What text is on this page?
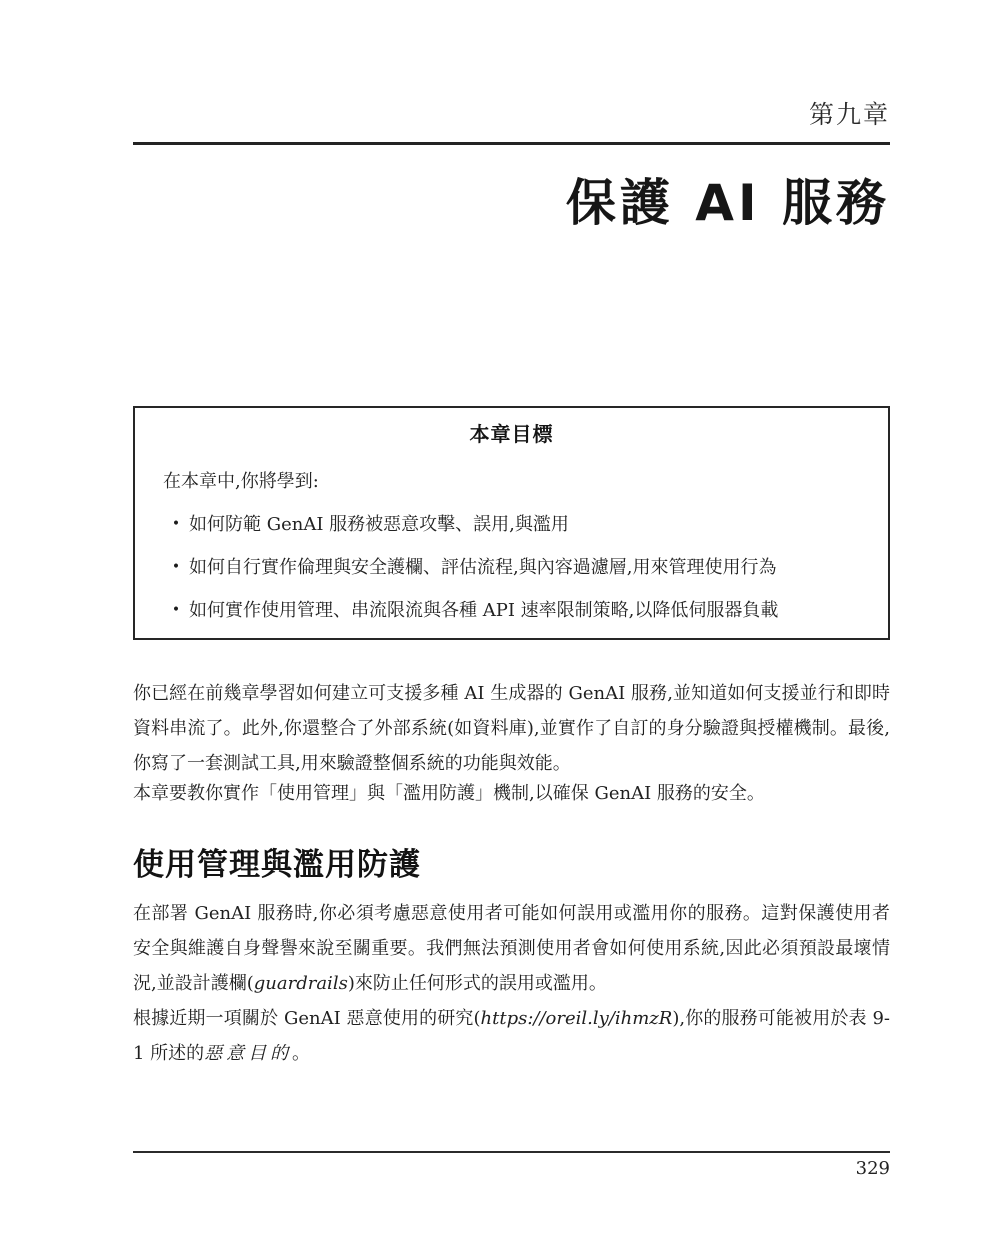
第九章
保護 AI 服務
本章目標

在本章中,你將學到:

• 如何防範 GenAI 服務被惡意攻擊、誤用,與濫用
• 如何自行實作倫理與安全護欄、評估流程,與內容過濾層,用來管理使用行為
• 如何實作使用管理、串流限流與各種 API 速率限制策略,以降低伺服器負載

你已經在前幾章學習如何建立可支援多種 AI 生成器的 GenAI 服務,並知道如何支援並行和即時資料串流了。此外,你還整合了外部系統(如資料庫),並實作了自訂的身分驗證與授權機制。最後,你寫了一套測試工具,用來驗證整個系統的功能與效能。

本章要教你實作「使用管理」與「濫用防護」機制,以確保 GenAI 服務的安全。

使用管理與濫用防護

在部署 GenAI 服務時,你必須考慮惡意使用者可能如何誤用或濫用你的服務。這對保護使用者安全與維護自身聲譽來說至關重要。我們無法預測使用者會如何使用系統,因此必須預設最壞情況,並設計護欄(guardrails)來防止任何形式的誤用或濫用。

根據近期一項關於 GenAI 惡意使用的研究(https://oreil.ly/ihmzR),你的服務可能被用於表 9-1 所述的惡意目的。

329
